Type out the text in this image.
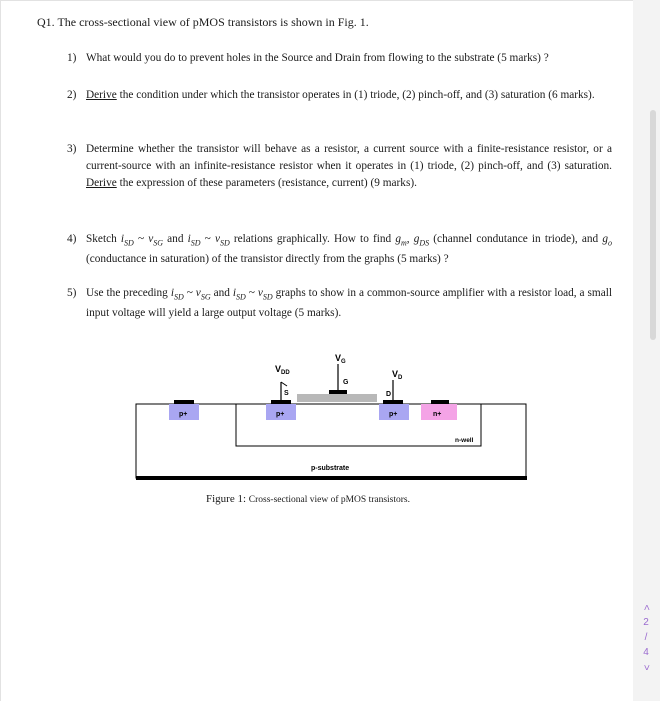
Q1. The cross-sectional view of pMOS transistors is shown in Fig. 1.
1) What would you do to prevent holes in the Source and Drain from flowing to the substrate (5 marks) ?
2) Derive the condition under which the transistor operates in (1) triode, (2) pinch-off, and (3) saturation (6 marks).
3) Determine whether the transistor will behave as a resistor, a current source with a finite-resistance resistor, or a current-source with an infinite-resistance resistor when it operates in (1) triode, (2) pinch-off, and (3) saturation. Derive the expression of these parameters (resistance, current) (9 marks).
4) Sketch $i_{SD}$ ~ $v_{SG}$ and $i_{SD}$ ~ $v_{SD}$ relations graphically. How to find $g_m$, $g_{DS}$ (channel condutance in triode), and $g_o$ (conductance in saturation) of the transistor directly from the graphs (5 marks) ?
5) Use the preceding $i_{SD}$ ~ $v_{SG}$ and $i_{SD}$ ~ $v_{SD}$ graphs to show in a common-source amplifier with a resistor load, a small input voltage will yield a large output voltage (5 marks).
$V_{DD}$
$V_G$
$V_D$
S
G
D
p+	p+	p+	n+
n-well
p-substrate
Figure 1: Cross-sectional view of pMOS transistors.
<
2
/
4
>
